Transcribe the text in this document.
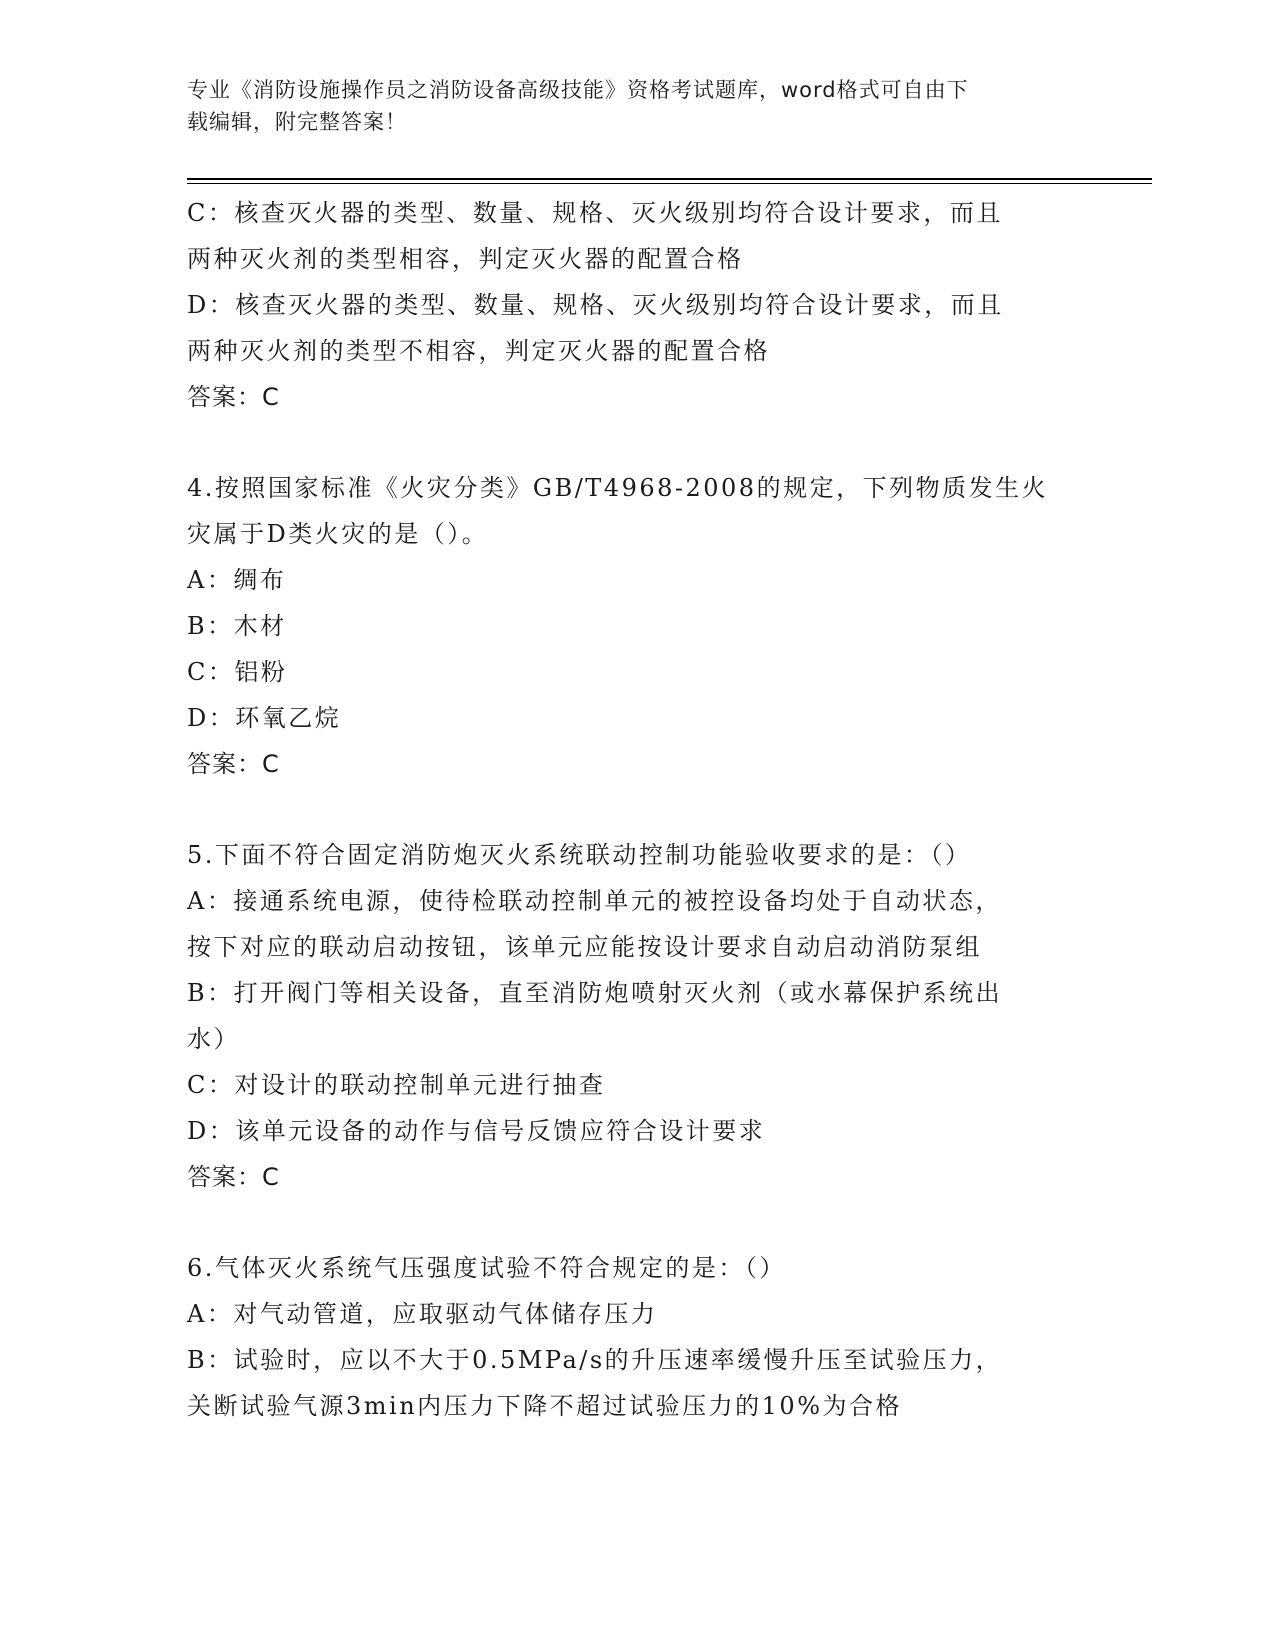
专业《消防设施操作员之消防设备高级技能》资格考试题库，word格式可自由下
载编辑，附完整答案！
C：核查灭火器的类型、数量、规格、灭火级别均符合设计要求，而且
两种灭火剂的类型相容，判定灭火器的配置合格
D：核查灭火器的类型、数量、规格、灭火级别均符合设计要求，而且
两种灭火剂的类型不相容，判定灭火器的配置合格
答案：C
4.按照国家标准《火灾分类》GB/T4968-2008的规定，下列物质发生火
灾属于D类火灾的是（）。
A：绸布
B：木材
C：铝粉
D：环氧乙烷
答案：C
5.下面不符合固定消防炮灭火系统联动控制功能验收要求的是：（）
A：接通系统电源，使待检联动控制单元的被控设备均处于自动状态，
按下对应的联动启动按钮，该单元应能按设计要求自动启动消防泵组
B：打开阀门等相关设备，直至消防炮喷射灭火剂（或水幕保护系统出
水）
C：对设计的联动控制单元进行抽查
D：该单元设备的动作与信号反馈应符合设计要求
答案：C
6.气体灭火系统气压强度试验不符合规定的是：（）
A：对气动管道，应取驱动气体储存压力
B：试验时，应以不大于0.5MPa/s的升压速率缓慢升压至试验压力，
关断试验气源3min内压力下降不超过试验压力的10%为合格
